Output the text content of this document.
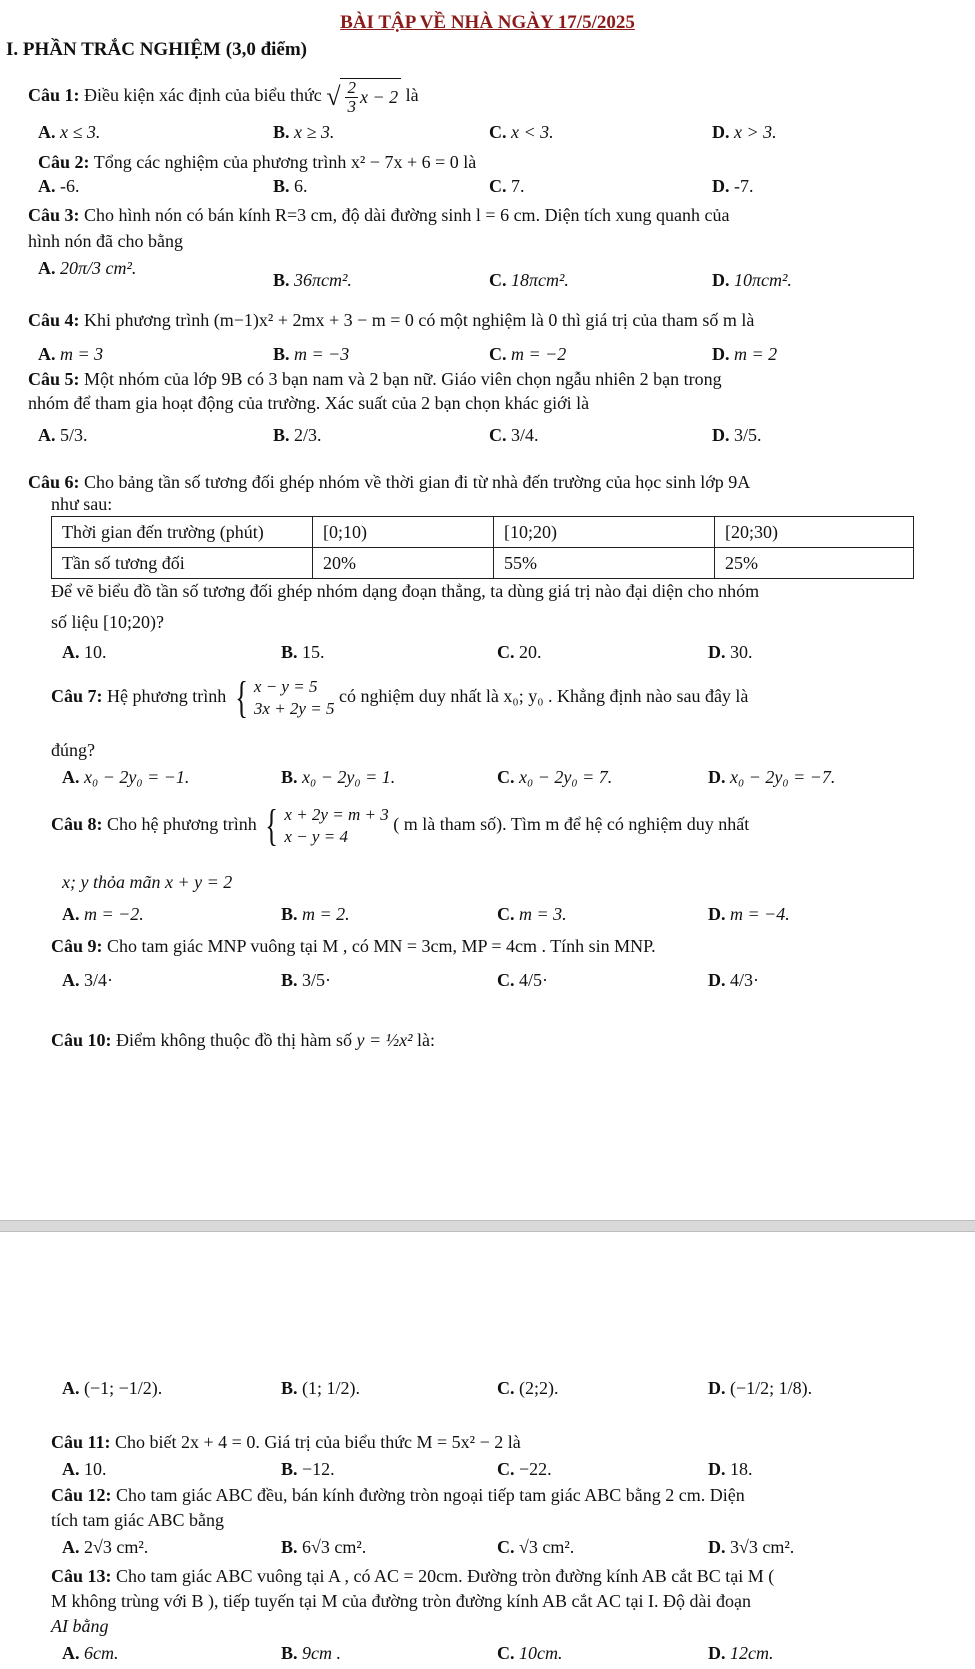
BÀI TẬP VỀ NHÀ NGÀY 17/5/2025
I. PHẦN TRẮC NGHIỆM (3,0 điểm)
Câu 1: Điều kiện xác định của biểu thức √ $\frac{2}{3}$ x − 2 là
A. x ≤ 3.	B. x ≥ 3.	C. x < 3.	D. x > 3.
Câu 2: Tổng các nghiệm của phương trình x² − 7x + 6 = 0 là
A. -6.	B. 6.	C. 7.	D. -7.
Câu 3: Cho hình nón có bán kính R=3 cm, độ dài đường sinh l = 6 cm. Diện tích xung quanh của
hình nón đã cho bằng
A. 20π/3 cm².
B. 36πcm².	C. 18πcm².	D. 10πcm².
Câu 4: Khi phương trình (m−1)x² + 2mx + 3 − m = 0 có một nghiệm là 0 thì giá trị của tham số m là
A. m = 3	B. m = −3	C. m = −2	D. m = 2
Câu 5: Một nhóm của lớp 9B có 3 bạn nam và 2 bạn nữ. Giáo viên chọn ngẫu nhiên 2 bạn trong
nhóm để tham gia hoạt động của trường. Xác suất của 2 bạn chọn khác giới là
A. 5/3.	B. 2/3.	C. 3/4.	D. 3/5.
Câu 6: Cho bảng tần số tương đối ghép nhóm về thời gian đi từ nhà đến trường của học sinh lớp 9A
như sau:
Thời gian đến trường (phút)	[0;10)	[10;20)	[20;30)
Tần số tương đối	20%	55%	25%
Để vẽ biểu đồ tần số tương đối ghép nhóm dạng đoạn thẳng, ta dùng giá trị nào đại diện cho nhóm
số liệu [10;20)?
A. 10.	B. 15.	C. 20.	D. 30.
Câu 7: Hệ phương trình { x − y = 5
3x + 2y = 5
có nghiệm duy nhất là x₀; y₀ . Khẳng định nào sau đây là
đúng?
A. x₀ − 2y₀ = −1.	B. x₀ − 2y₀ = 1.	C. x₀ − 2y₀ = 7.	D. x₀ − 2y₀ = −7.
Câu 8: Cho hệ phương trình { x + 2y = m + 3
x − y = 4
( m là tham số). Tìm m để hệ có nghiệm duy nhất
x; y thỏa mãn x + y = 2
A. m = −2.	B. m = 2.	C. m = 3.	D. m = −4.
Câu 9: Cho tam giác MNP vuông tại M , có MN = 3cm, MP = 4cm . Tính sin MNP.
A. 3/4·	B. 3/5·	C. 4/5·	D. 4/3·
Câu 10: Điểm không thuộc đồ thị hàm số y = ½x² là:
A. (−1; −1/2).	B. (1; 1/2).	C. (2;2).	D. (−1/2; 1/8).
Câu 11: Cho biết 2x + 4 = 0. Giá trị của biểu thức M = 5x² − 2 là
A. 10.	B. −12.	C. −22.	D. 18.
Câu 12: Cho tam giác ABC đều, bán kính đường tròn ngoại tiếp tam giác ABC bằng 2 cm. Diện
tích tam giác ABC bằng
A. 2√3 cm².	B. 6√3 cm².	C. √3 cm².	D. 3√3 cm².
Câu 13: Cho tam giác ABC vuông tại A , có AC = 20cm. Đường tròn đường kính AB cắt BC tại M (
M không trùng với B ), tiếp tuyến tại M của đường tròn đường kính AB cắt AC tại I. Độ dài đoạn
AI bằng
A. 6cm.	B. 9cm .	C. 10cm.	D. 12cm.
